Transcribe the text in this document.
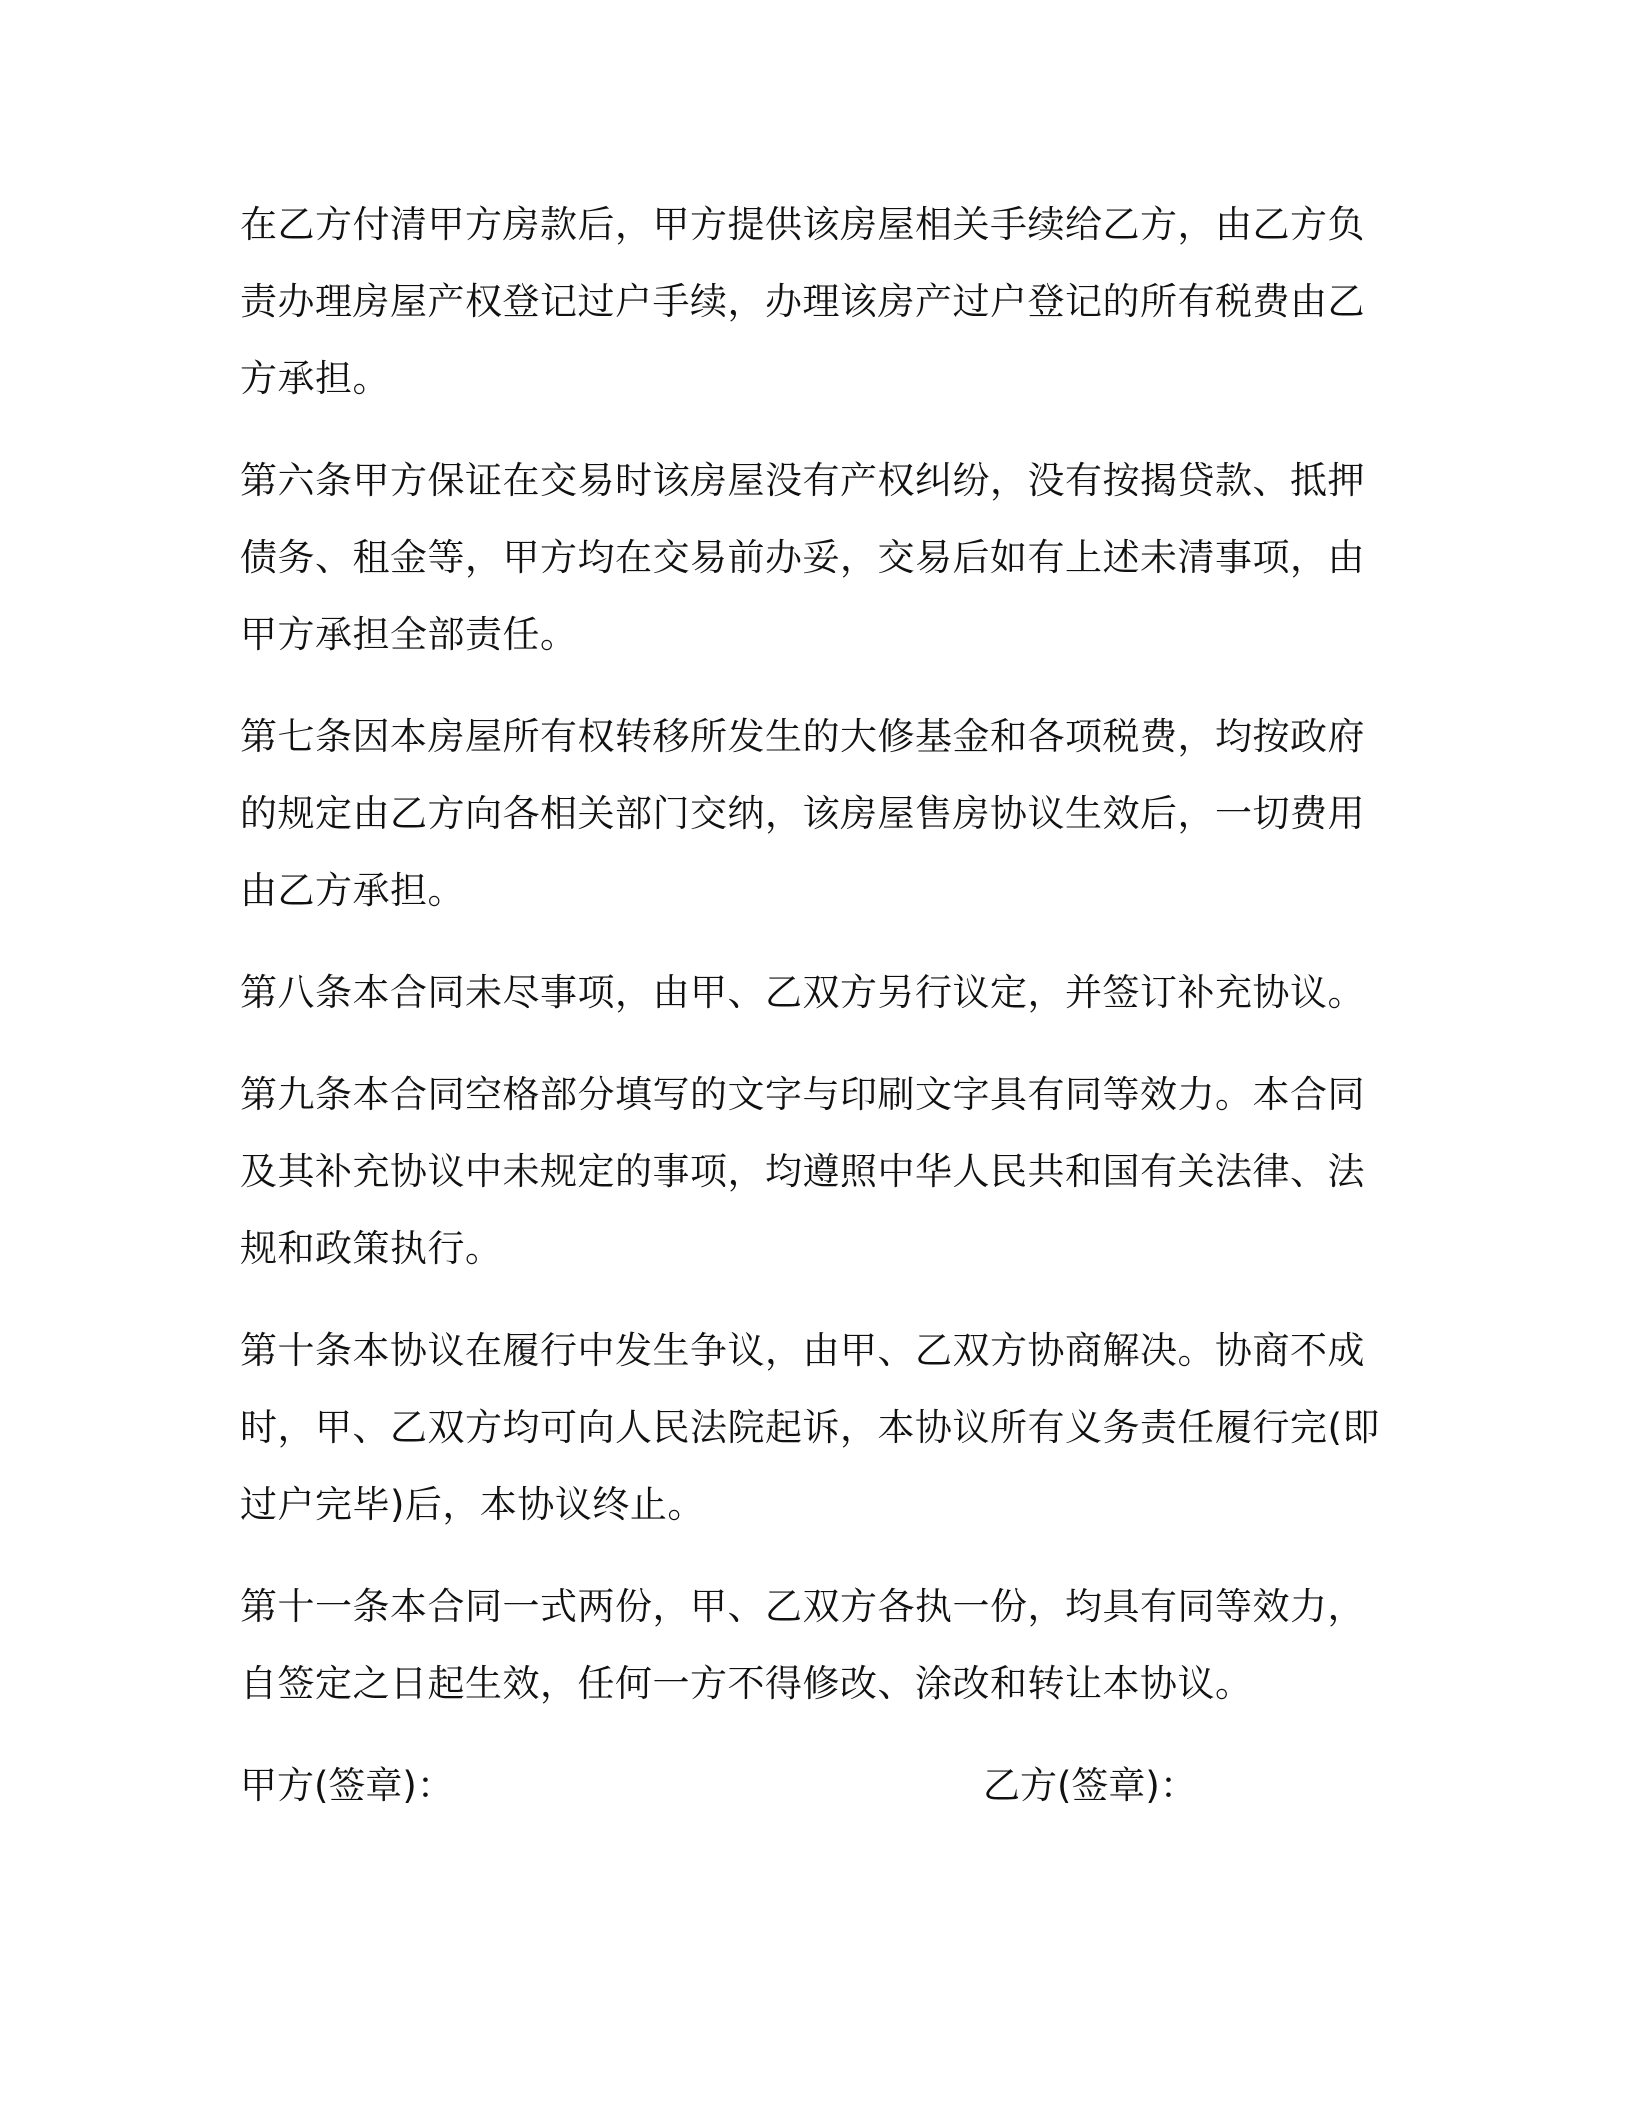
在乙方付清甲方房款后，甲方提供该房屋相关手续给乙方，由乙方负
责办理房屋产权登记过户手续，办理该房产过户登记的所有税费由乙
方承担。

第六条甲方保证在交易时该房屋没有产权纠纷，没有按揭贷款、抵押
债务、租金等，甲方均在交易前办妥，交易后如有上述未清事项，由
甲方承担全部责任。

第七条因本房屋所有权转移所发生的大修基金和各项税费，均按政府
的规定由乙方向各相关部门交纳，该房屋售房协议生效后，一切费用
由乙方承担。

第八条本合同未尽事项，由甲、乙双方另行议定，并签订补充协议。

第九条本合同空格部分填写的文字与印刷文字具有同等效力。本合同
及其补充协议中未规定的事项，均遵照中华人民共和国有关法律、法
规和政策执行。

第十条本协议在履行中发生争议，由甲、乙双方协商解决。协商不成
时，甲、乙双方均可向人民法院起诉，本协议所有义务责任履行完(即
过户完毕)后，本协议终止。

第十一条本合同一式两份，甲、乙双方各执一份，均具有同等效力，
自签定之日起生效，任何一方不得修改、涂改和转让本协议。

甲方(签章)：	乙方(签章)：
